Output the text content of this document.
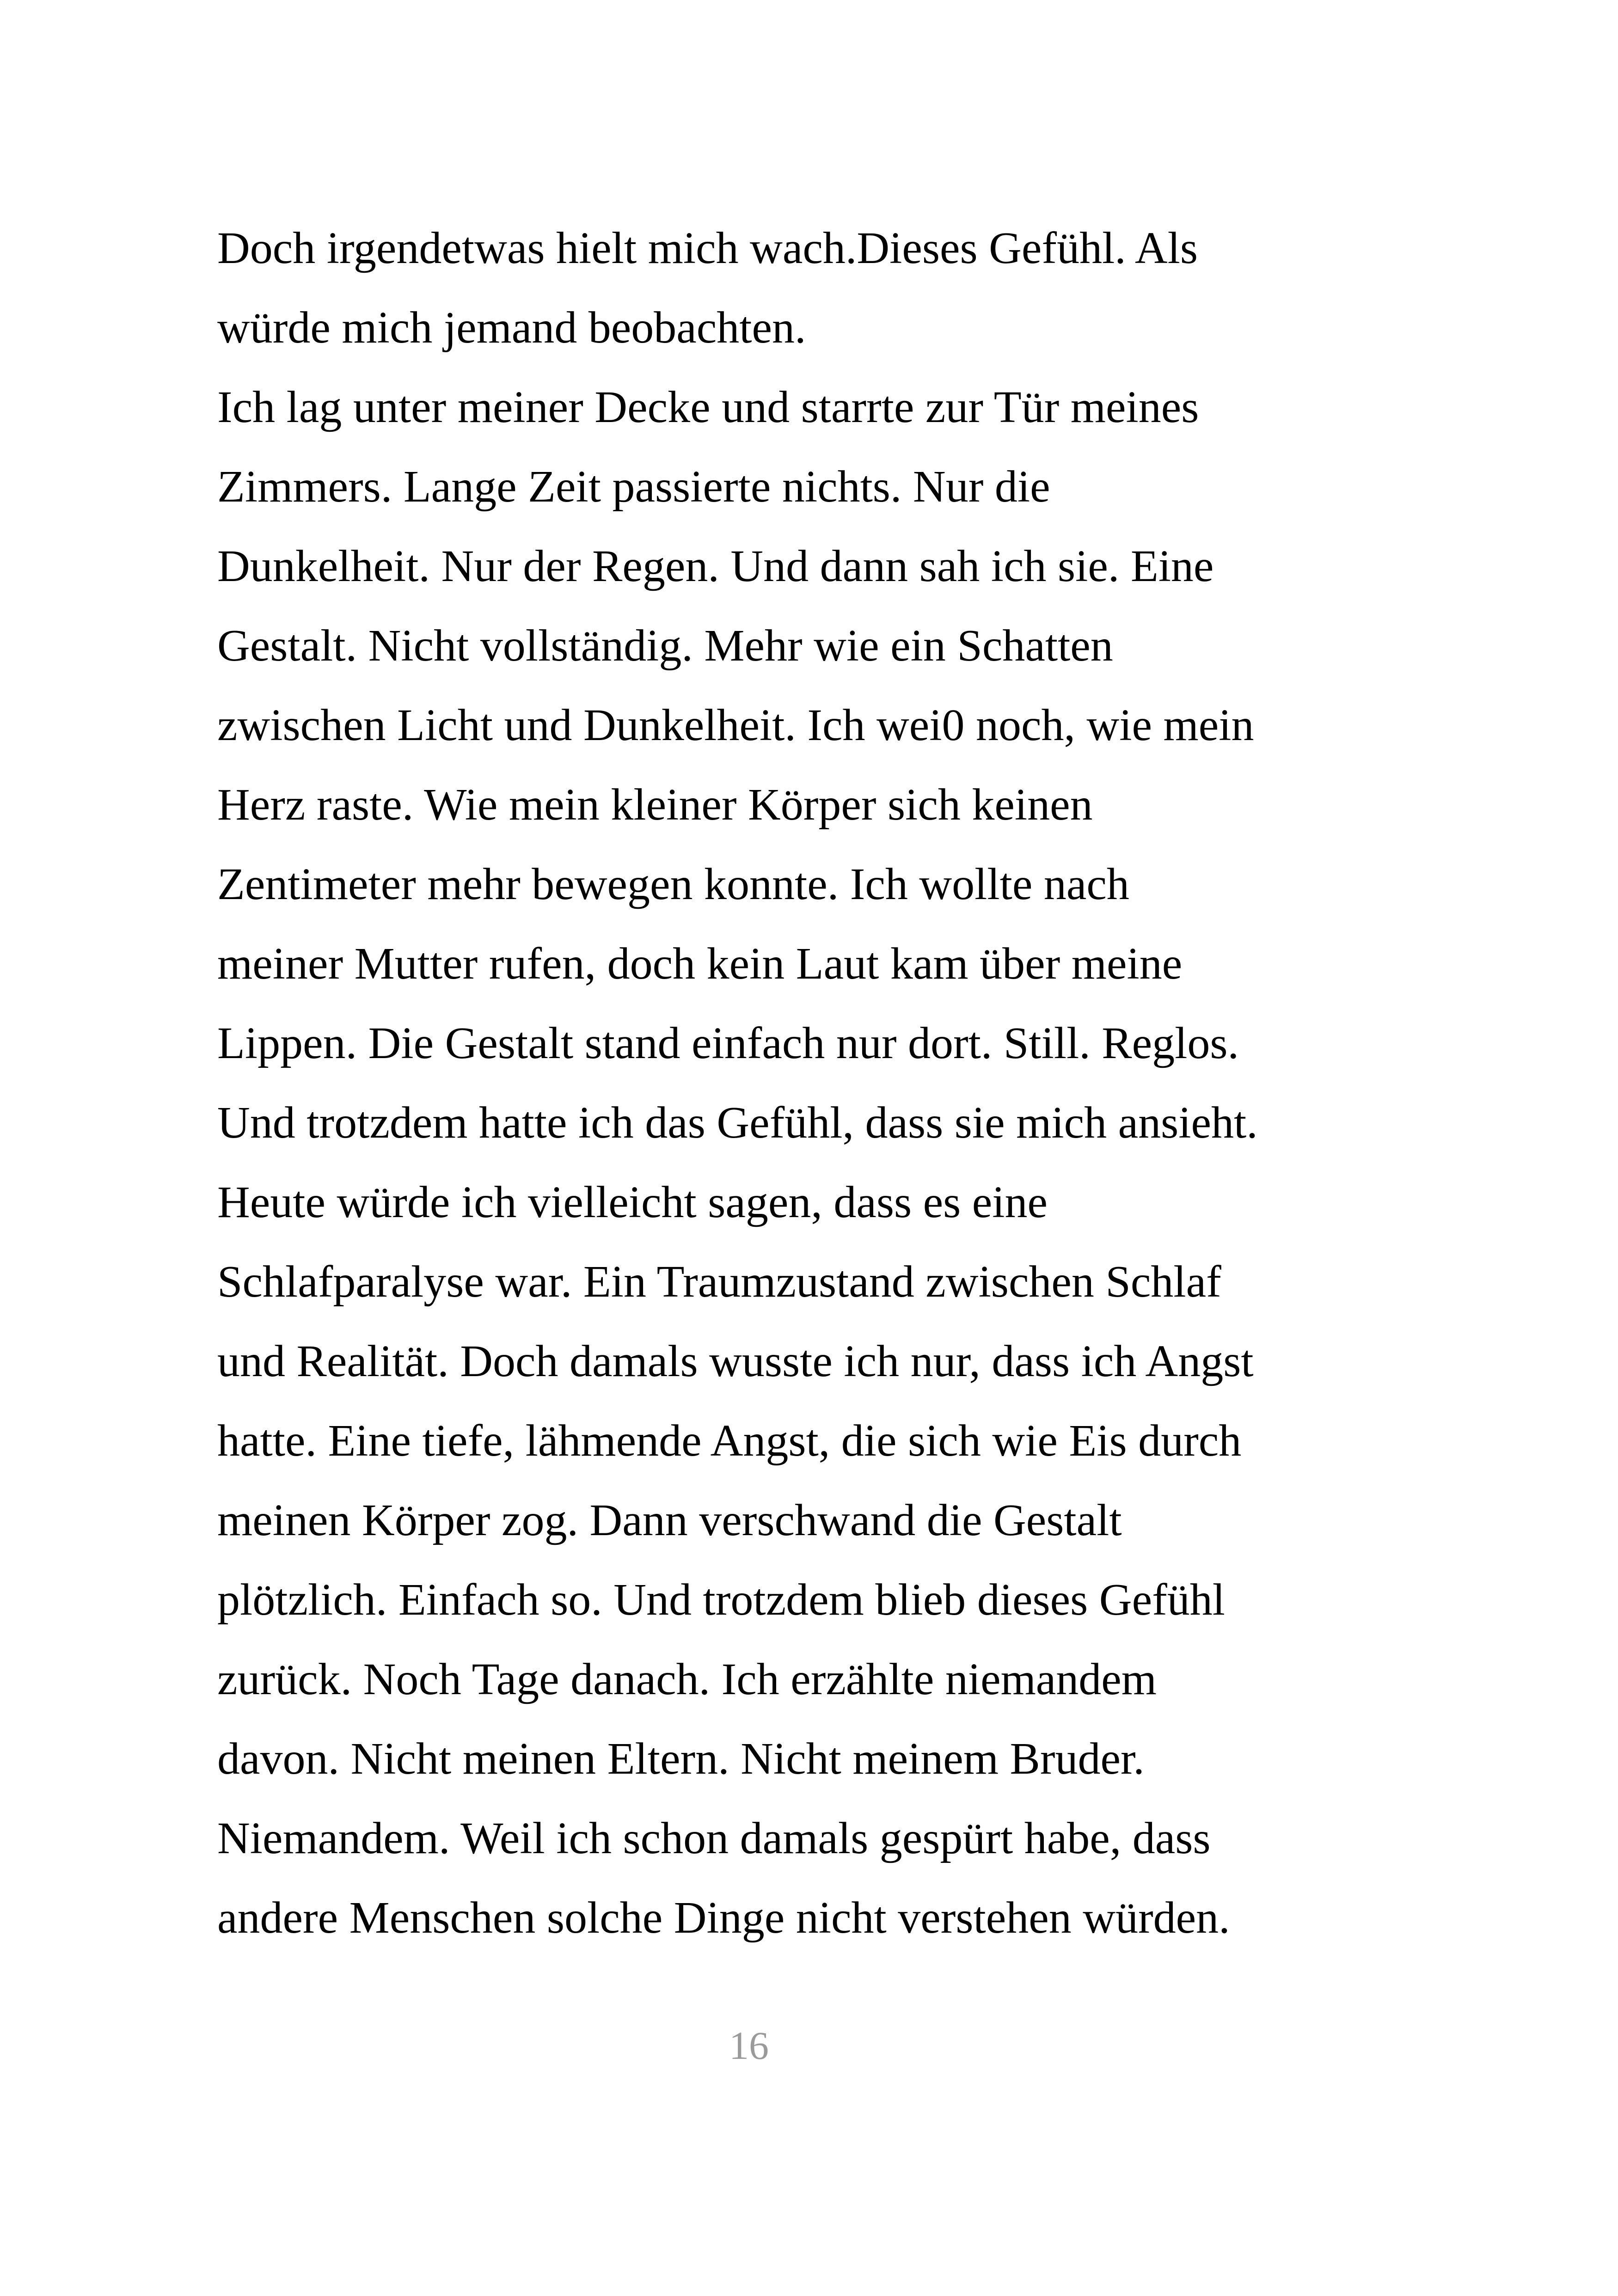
Doch irgendetwas hielt mich wach.Dieses Gefühl. Als
würde mich jemand beobachten.
Ich lag unter meiner Decke und starrte zur Tür meines
Zimmers. Lange Zeit passierte nichts. Nur die
Dunkelheit. Nur der Regen. Und dann sah ich sie. Eine
Gestalt. Nicht vollständig. Mehr wie ein Schatten
zwischen Licht und Dunkelheit. Ich wei0 noch, wie mein
Herz raste. Wie mein kleiner Körper sich keinen
Zentimeter mehr bewegen konnte. Ich wollte nach
meiner Mutter rufen, doch kein Laut kam über meine
Lippen. Die Gestalt stand einfach nur dort. Still. Reglos.
Und trotzdem hatte ich das Gefühl, dass sie mich ansieht.
Heute würde ich vielleicht sagen, dass es eine
Schlafparalyse war. Ein Traumzustand zwischen Schlaf
und Realität. Doch damals wusste ich nur, dass ich Angst
hatte. Eine tiefe, lähmende Angst, die sich wie Eis durch
meinen Körper zog. Dann verschwand die Gestalt
plötzlich. Einfach so. Und trotzdem blieb dieses Gefühl
zurück. Noch Tage danach. Ich erzählte niemandem
davon. Nicht meinen Eltern. Nicht meinem Bruder.
Niemandem. Weil ich schon damals gespürt habe, dass
andere Menschen solche Dinge nicht verstehen würden.
16
